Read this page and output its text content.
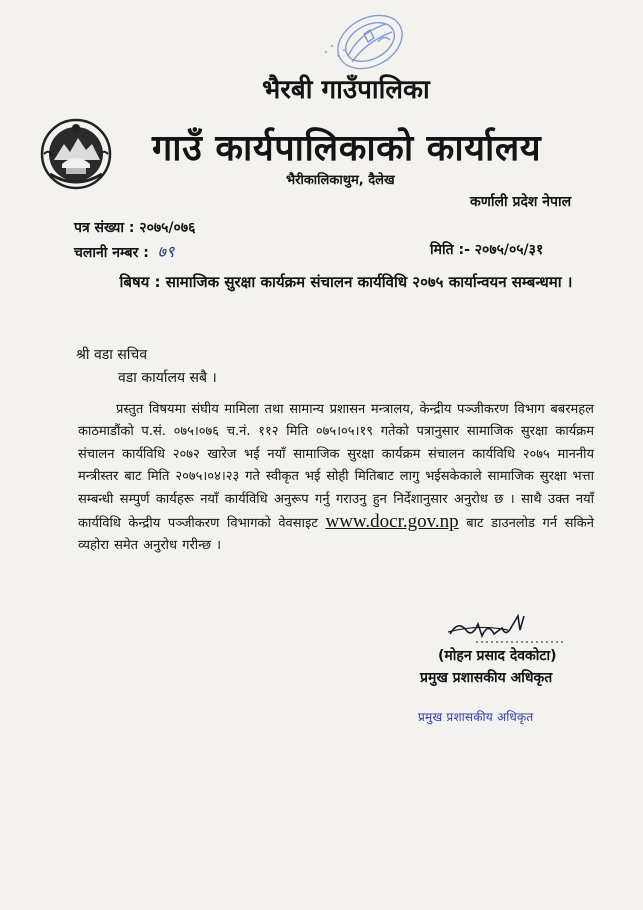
भैरबी गाउँपालिका
गाउँ कार्यपालिकाको कार्यालय
भैरीकालिकाथुम, दैलेख
कर्णाली प्रदेश नेपाल
पत्र संख्या : २०७५/०७६
चलानी नम्बर : ७९	मिति :- २०७५/०५/३१
बिषय : सामाजिक सुरक्षा कार्यक्रम संचालन कार्यविधि २०७५ कार्यान्वयन सम्बन्धमा ।
श्री वडा सचिव
वडा कार्यालय सबै ।
प्रस्तुत विषयमा संघीय मामिला तथा सामान्य प्रशासन मन्त्रालय, केन्द्रीय पञ्जीकरण विभाग बबरमहल काठमाडौंको प.सं. ०७५।०७६ च.नं. ११२ मिति ०७५।०५।१९ गतेको पत्रानुसार सामाजिक सुरक्षा कार्यक्रम संचालन कार्यविधि २०७२ खारेज भई नयाँ सामाजिक सुरक्षा कार्यक्रम संचालन कार्यविधि २०७५ माननीय मन्त्रीस्तर बाट मिति २०७५।०४।२३ गते स्वीकृत भई सोही मितिबाट लागु भईसकेकाले सामाजिक सुरक्षा भत्ता सम्बन्धी सम्पुर्ण कार्यहरू नयाँ कार्यविधि अनुरूप गर्नु गराउनु हुन निर्देशानुसार अनुरोध छ । साथै उक्त नयाँ कार्यविधि केन्द्रीय पञ्जीकरण विभागको वेवसाइट www.docr.gov.np बाट डाउनलोड गर्न सकिने व्यहोरा समेत अनुरोध गरीन्छ ।
(मोहन प्रसाद देवकोटा)
प्रमुख प्रशासकीय अधिकृत
प्रमुख प्रशासकीय अधिकृत
